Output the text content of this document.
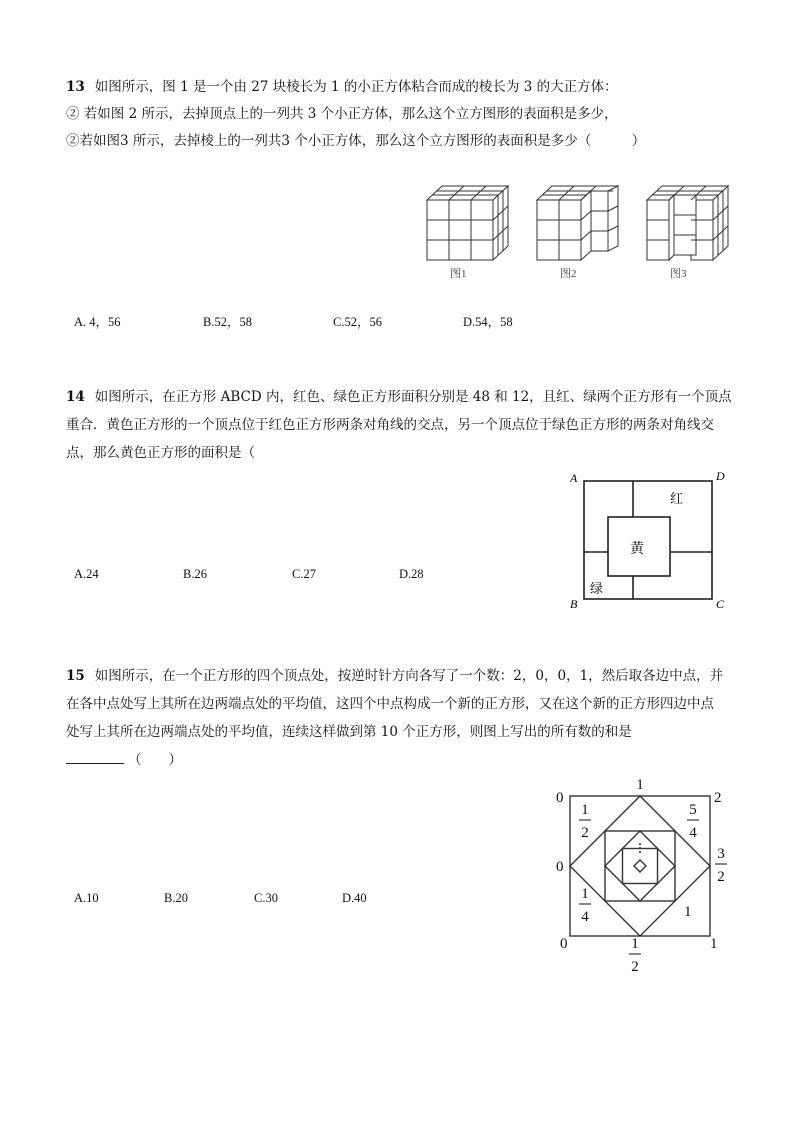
13 如图所示，图 1 是一个由 27 块棱长为 1 的小正方体粘合而成的棱长为 3 的大正方体：
② 若如图 2 所示，去掉顶点上的一列共 3 个小正方体，那么这个立方图形的表面积是多少，
②若如图3 所示，去掉棱上的一列共3 个小正方体，那么这个立方图形的表面积是多少（　　　）
图1	图2	图3
A. 4，56	B.52，58	C.52，56	D.54，58
14 如图所示，在正方形 ABCD 内，红色、绿色正方形面积分别是 48 和 12，且红、绿两个正方形有一个顶点
重合．黄色正方形的一个顶点位于红色正方形两条对角线的交点，另一个顶点位于绿色正方形的两条对角线交
点，那么黄色正方形的面积是（
A	D
B	C
红
黄
绿
A.24	B.26	C.27	D.28
15 如图所示，在一个正方形的四个顶点处，按逆时针方向各写了一个数：2，0，0，1，然后取各边中点，并
在各中点处写上其所在边两端点处的平均值，这四个中点构成一个新的正方形，又在这个新的正方形四边中点
处写上其所在边两端点处的平均值，连续这样做到第 10 个正方形，则图上写出的所有数的和是
（　　）
0
1
2
0
0	1
1
3
2
1
2
1
2
5
4
1
4
A.10	B.20	C.30	D.40
